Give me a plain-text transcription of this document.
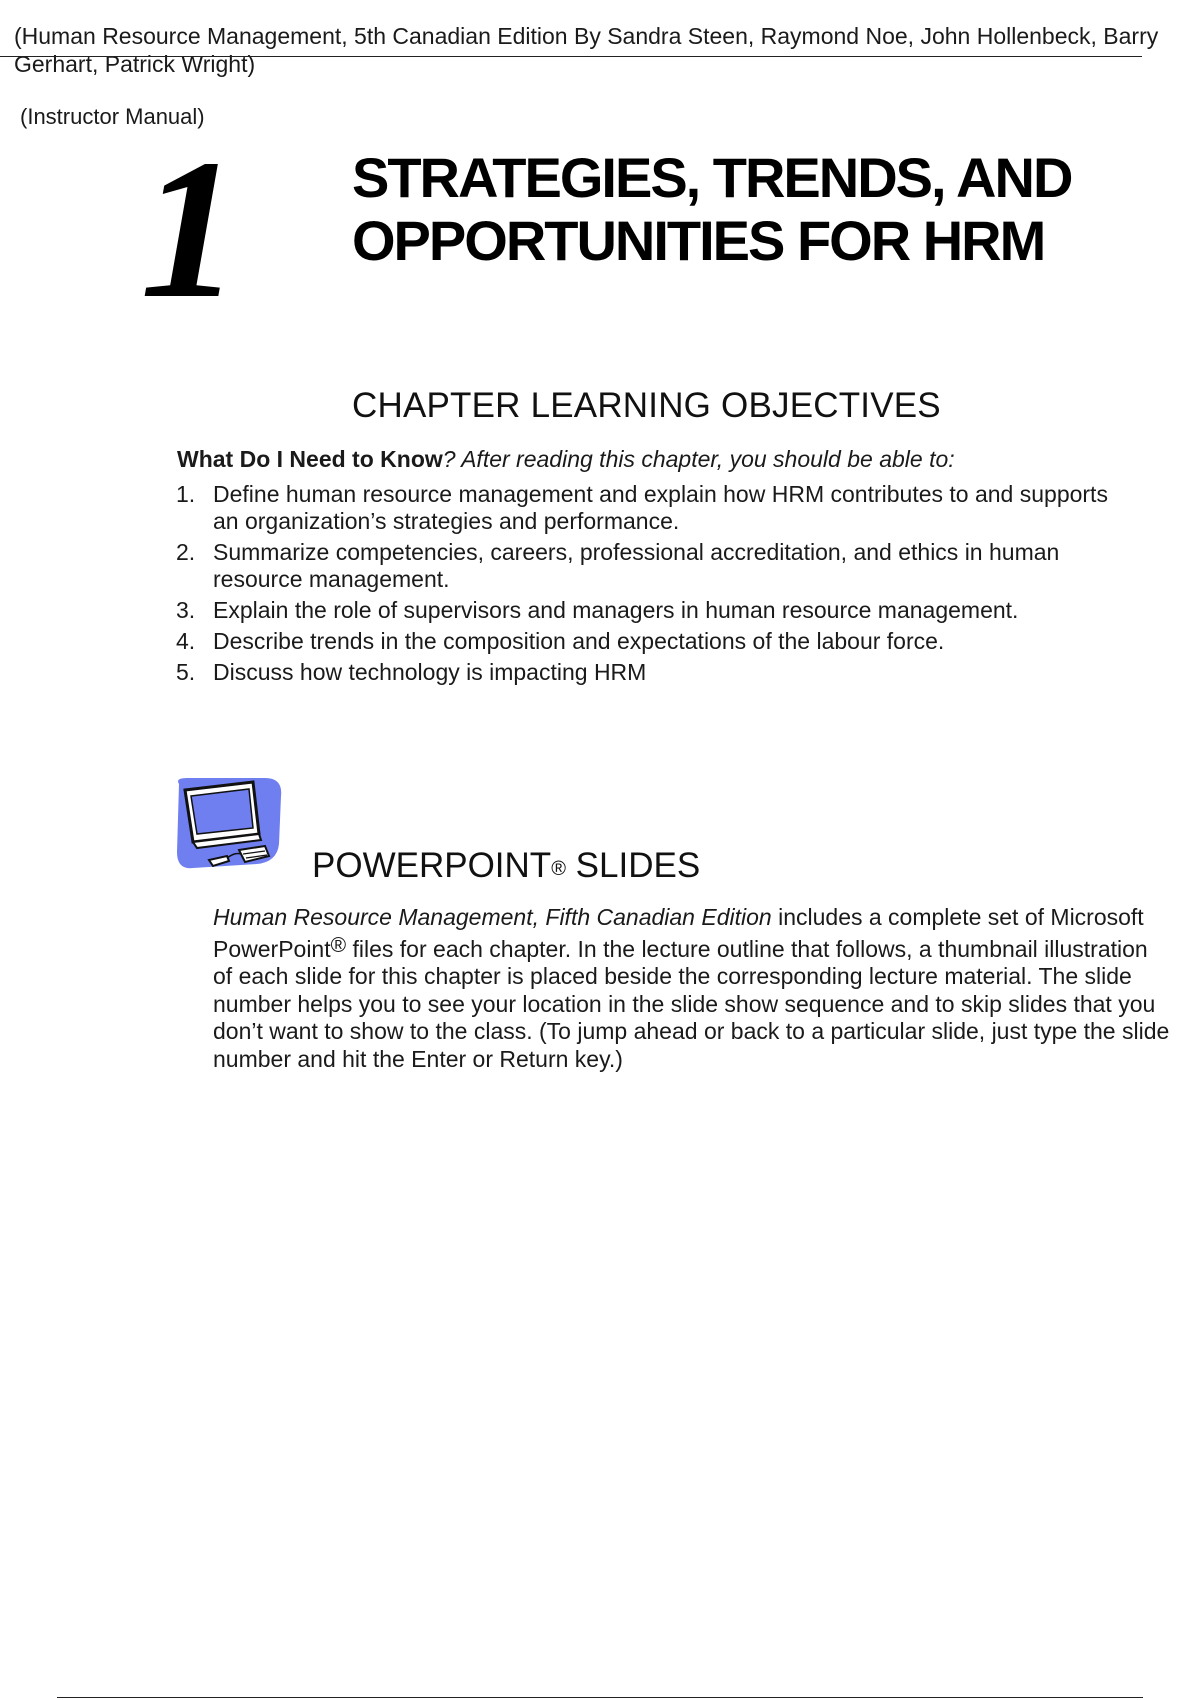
(Human Resource Management, 5th Canadian Edition By Sandra Steen, Raymond Noe, John Hollenbeck, Barry
Gerhart, Patrick Wright)
(Instructor Manual)
1 STRATEGIES, TRENDS, AND
OPPORTUNITIES FOR HRM
CHAPTER LEARNING OBJECTIVES
What Do I Need to Know? After reading this chapter, you should be able to:
1. Define human resource management and explain how HRM contributes to and supports an organization’s strategies and performance.
2. Summarize competencies, careers, professional accreditation, and ethics in human resource management.
3. Explain the role of supervisors and managers in human resource management.
4. Describe trends in the composition and expectations of the labour force.
5. Discuss how technology is impacting HRM
POWERPOINT® SLIDES
Human Resource Management, Fifth Canadian Edition includes a complete set of Microsoft PowerPoint® files for each chapter. In the lecture outline that follows, a thumbnail illustration of each slide for this chapter is placed beside the corresponding lecture material. The slide number helps you to see your location in the slide show sequence and to skip slides that you don’t want to show to the class. (To jump ahead or back to a particular slide, just type the slide number and hit the Enter or Return key.)
